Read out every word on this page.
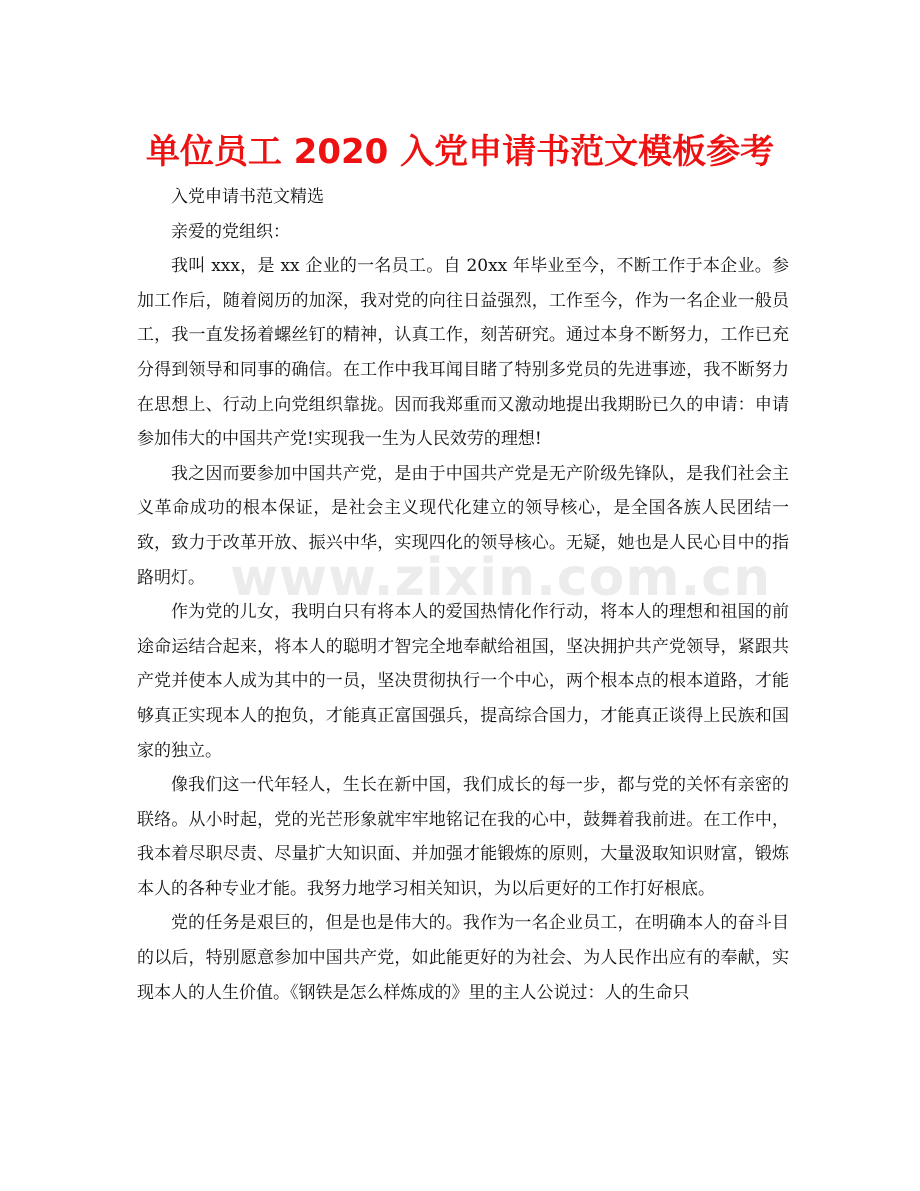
单位员工 2020 入党申请书范文模板参考

入党申请书范文精选

亲爱的党组织：

我叫 xxx，是 xx 企业的一名员工。自 20xx 年毕业至今，不断工作于本企业。参加工作后，随着阅历的加深，我对党的向往日益强烈，工作至今，作为一名企业一般员工，我一直发扬着螺丝钉的精神，认真工作，刻苦研究。通过本身不断努力，工作已充分得到领导和同事的确信。在工作中我耳闻目睹了特别多党员的先进事迹，我不断努力在思想上、行动上向党组织靠拢。因而我郑重而又激动地提出我期盼已久的申请：申请参加伟大的中国共产党!实现我一生为人民效劳的理想!

我之因而要参加中国共产党，是由于中国共产党是无产阶级先锋队，是我们社会主义革命成功的根本保证，是社会主义现代化建立的领导核心，是全国各族人民团结一致，致力于改革开放、振兴中华，实现四化的领导核心。无疑，她也是人民心目中的指路明灯。

作为党的儿女，我明白只有将本人的爱国热情化作行动，将本人的理想和祖国的前途命运结合起来，将本人的聪明才智完全地奉献给祖国，坚决拥护共产党领导，紧跟共产党并使本人成为其中的一员，坚决贯彻执行一个中心，两个根本点的根本道路，才能够真正实现本人的抱负，才能真正富国强兵，提高综合国力，才能真正谈得上民族和国家的独立。

像我们这一代年轻人，生长在新中国，我们成长的每一步，都与党的关怀有亲密的联络。从小时起，党的光芒形象就牢牢地铭记在我的心中，鼓舞着我前进。在工作中，我本着尽职尽责、尽量扩大知识面、并加强才能锻炼的原则，大量汲取知识财富，锻炼本人的各种专业才能。我努力地学习相关知识，为以后更好的工作打好根底。

党的任务是艰巨的，但是也是伟大的。我作为一名企业员工，在明确本人的奋斗目的以后，特别愿意参加中国共产党，如此能更好的为社会、为人民作出应有的奉献，实现本人的人生价值。《钢铁是怎么样炼成的》里的主人公说过：人的生命只

www.zixin.com.cn
